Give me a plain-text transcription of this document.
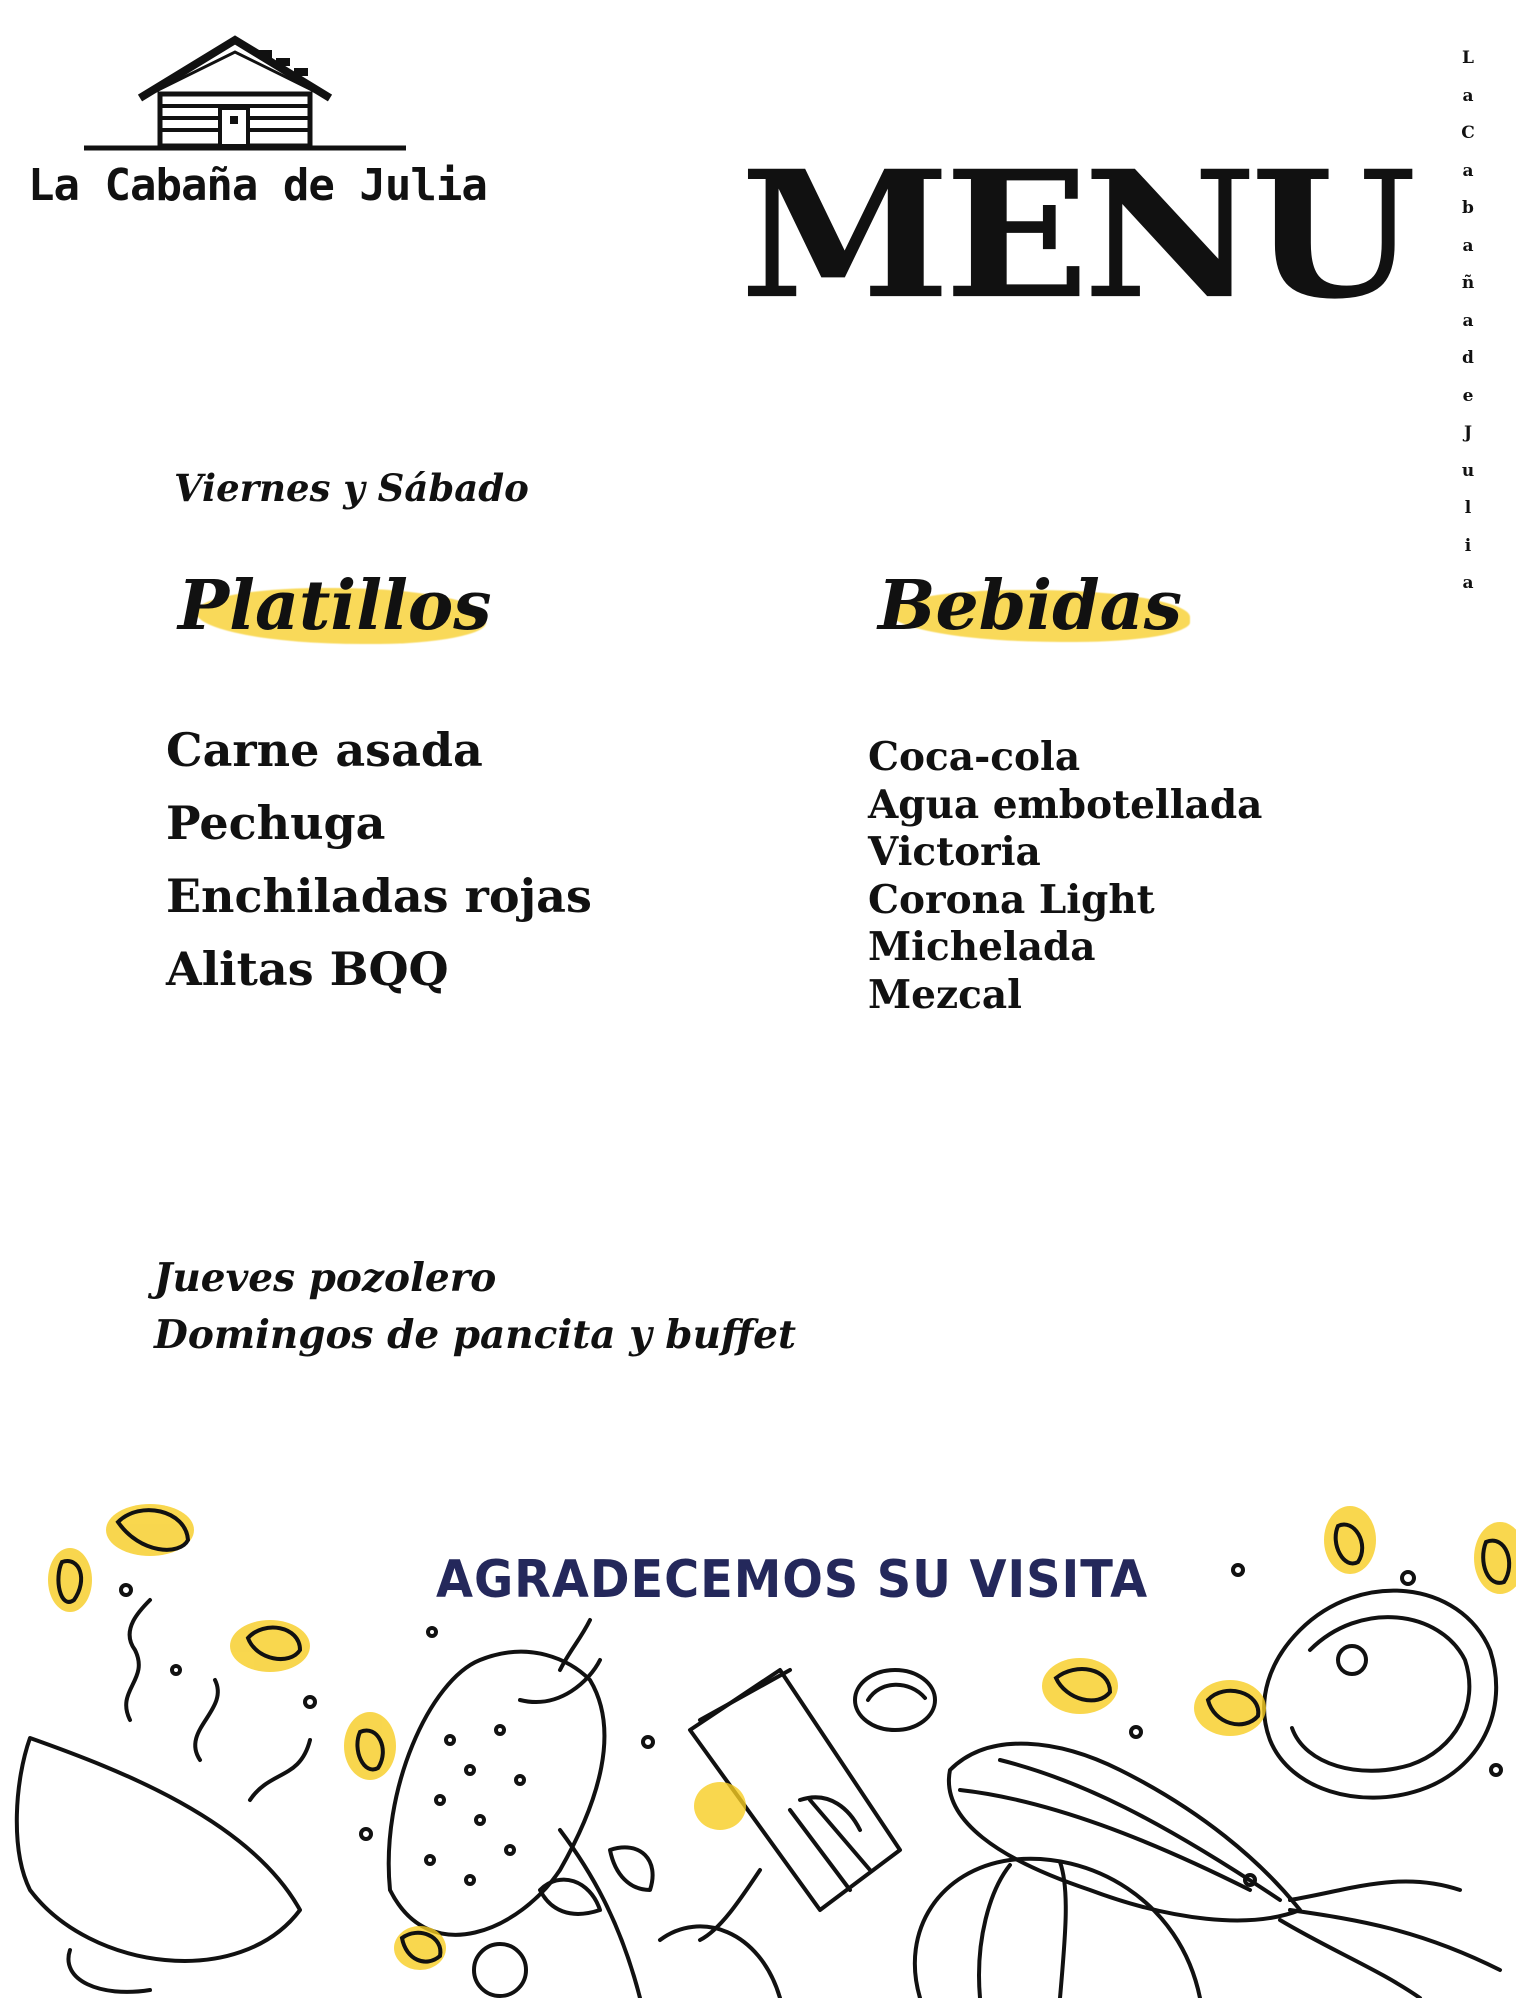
La Cabaña de Julia MENU
L
a
C
a
b
a
ñ
a
d
e
J
u
l
i
a
Viernes y Sábado
Platillos	Bebidas
Carne asada
Pechuga
Enchiladas rojas
Alitas BQQ
Coca-cola
Agua embotellada
Victoria
Corona Light
Michelada
Mezcal
Jueves pozolero
Domingos de pancita y buffet
AGRADECEMOS SU VISITA
